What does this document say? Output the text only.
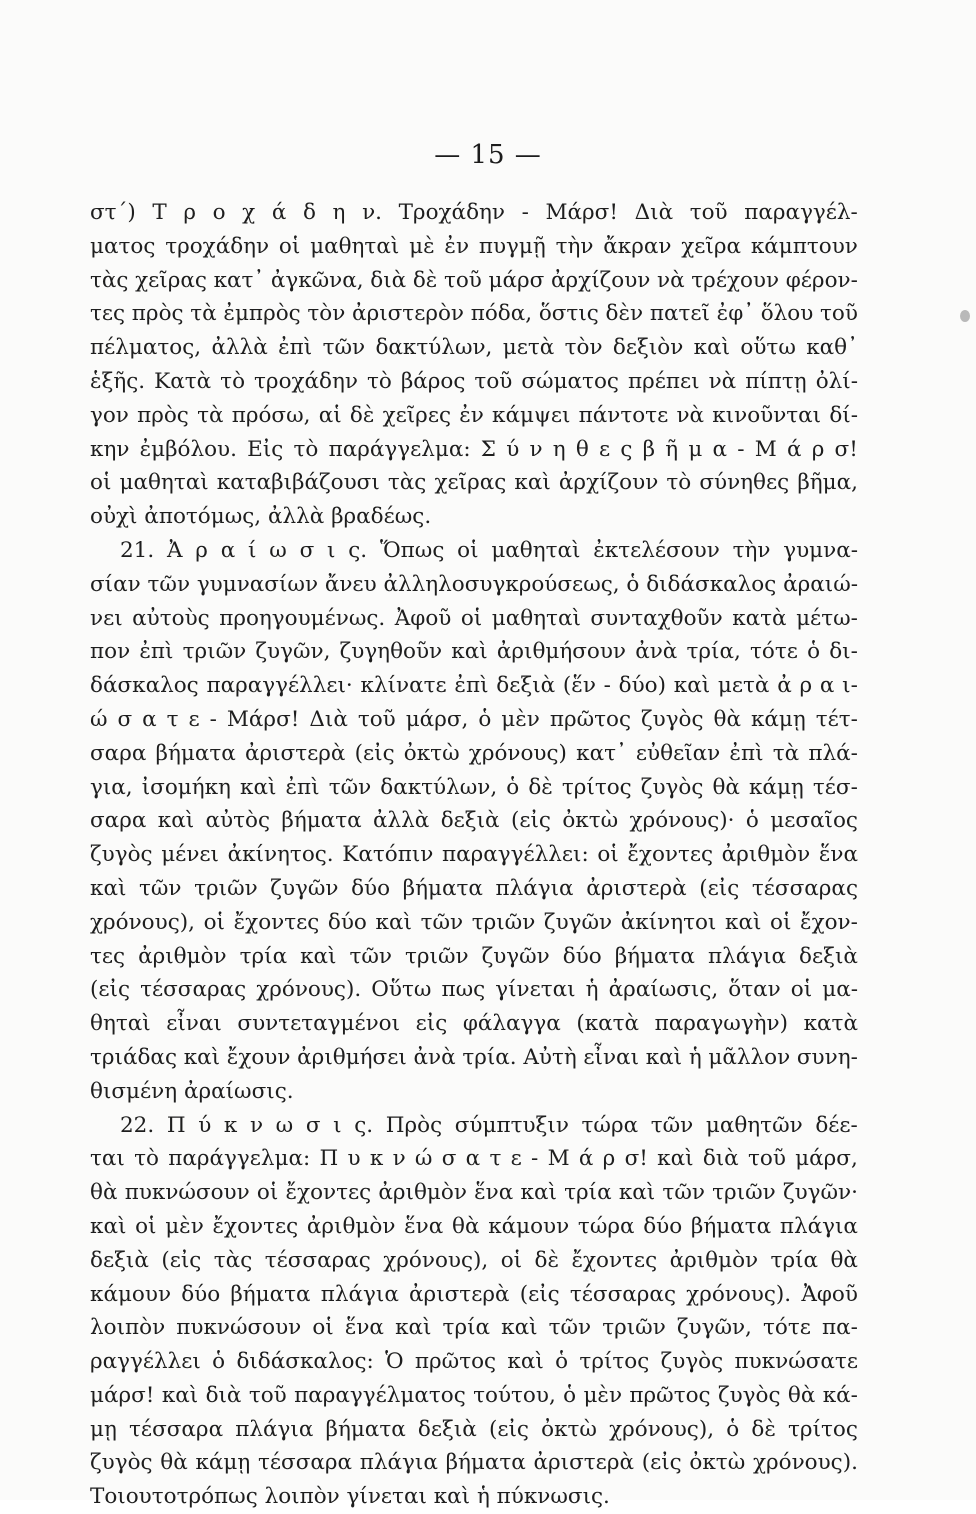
— 15 —
στ΄) Τ ρ ο χ ά δ η ν. Τροχάδην - Μάρσ! Διὰ τοῦ παραγγέλ-
ματος τροχάδην οἱ μαθηταὶ μὲ ἐν πυγμῇ τὴν ἄκραν χεῖρα κάμπτουν
τὰς χεῖρας κατ᾽ ἀγκῶνα, διὰ δὲ τοῦ μάρσ ἀρχίζουν νὰ τρέχουν φέρον-
τες πρὸς τὰ ἐμπρὸς τὸν ἀριστερὸν πόδα, ὅστις δὲν πατεῖ ἐφ᾽ ὅλου τοῦ
πέλματος, ἀλλὰ ἐπὶ τῶν δακτύλων, μετὰ τὸν δεξιὸν καὶ οὕτω καθ᾽
ἑξῆς. Κατὰ τὸ τροχάδην τὸ βάρος τοῦ σώματος πρέπει νὰ πίπτῃ ὀλί-
γον πρὸς τὰ πρόσω, αἱ δὲ χεῖρες ἐν κάμψει πάντοτε νὰ κινοῦνται δί-
κην ἐμβόλου. Εἰς τὸ παράγγελμα: Σ ύ ν η θ ε ς β ῆ μ α - Μ ά ρ σ!
οἱ μαθηταὶ καταβιβάζουσι τὰς χεῖρας καὶ ἀρχίζουν τὸ σύνηθες βῆμα,
οὐχὶ ἀποτόμως, ἀλλὰ βραδέως.
21. Ἀ ρ α ί ω σ ι ς. Ὅπως οἱ μαθηταὶ ἐκτελέσουν τὴν γυμνα-
σίαν τῶν γυμνασίων ἄνευ ἀλληλοσυγκρούσεως, ὁ διδάσκαλος ἀραιώ-
νει αὐτοὺς προηγουμένως. Ἀφοῦ οἱ μαθηταὶ συνταχθοῦν κατὰ μέτω-
πον ἐπὶ τριῶν ζυγῶν, ζυγηθοῦν καὶ ἀριθμήσουν ἀνὰ τρία, τότε ὁ δι-
δάσκαλος παραγγέλλει· κλίνατε ἐπὶ δεξιὰ (ἕν - δύο) καὶ μετὰ ἀ ρ α ι-
ώ σ α τ ε - Μάρσ! Διὰ τοῦ μάρσ, ὁ μὲν πρῶτος ζυγὸς θὰ κάμῃ τέτ-
σαρα βήματα ἀριστερὰ (εἰς ὀκτὼ χρόνους) κατ᾽ εὐθεῖαν ἐπὶ τὰ πλά-
για, ἰσομήκη καὶ ἐπὶ τῶν δακτύλων, ὁ δὲ τρίτος ζυγὸς θὰ κάμῃ τέσ-
σαρα καὶ αὐτὸς βήματα ἀλλὰ δεξιὰ (εἰς ὀκτὼ χρόνους)· ὁ μεσαῖος
ζυγὸς μένει ἀκίνητος. Κατόπιν παραγγέλλει: οἱ ἔχοντες ἀριθμὸν ἕνα
καὶ τῶν τριῶν ζυγῶν δύο βήματα πλάγια ἀριστερὰ (εἰς τέσσαρας
χρόνους), οἱ ἔχοντες δύο καὶ τῶν τριῶν ζυγῶν ἀκίνητοι καὶ οἱ ἔχον-
τες ἀριθμὸν τρία καὶ τῶν τριῶν ζυγῶν δύο βήματα πλάγια δεξιὰ
(εἰς τέσσαρας χρόνους). Οὕτω πως γίνεται ἡ ἀραίωσις, ὅταν οἱ μα-
θηταὶ εἶναι συντεταγμένοι εἰς φάλαγγα (κατὰ παραγωγὴν) κατὰ
τριάδας καὶ ἔχουν ἀριθμήσει ἀνὰ τρία. Αὐτὴ εἶναι καὶ ἡ μᾶλλον συνη-
θισμένη ἀραίωσις.
22. Π ύ κ ν ω σ ι ς. Πρὸς σύμπτυξιν τώρα τῶν μαθητῶν δέε-
ται τὸ παράγγελμα: Π υ κ ν ώ σ α τ ε - Μ ά ρ σ! καὶ διὰ τοῦ μάρσ,
θὰ πυκνώσουν οἱ ἔχοντες ἀριθμὸν ἕνα καὶ τρία καὶ τῶν τριῶν ζυγῶν·
καὶ οἱ μὲν ἔχοντες ἀριθμὸν ἕνα θὰ κάμουν τώρα δύο βήματα πλάγια
δεξιὰ (εἰς τὰς τέσσαρας χρόνους), οἱ δὲ ἔχοντες ἀριθμὸν τρία θὰ
κάμουν δύο βήματα πλάγια ἀριστερὰ (εἰς τέσσαρας χρόνους). Ἀφοῦ
λοιπὸν πυκνώσουν οἱ ἕνα καὶ τρία καὶ τῶν τριῶν ζυγῶν, τότε πα-
ραγγέλλει ὁ διδάσκαλος: Ὁ πρῶτος καὶ ὁ τρίτος ζυγὸς πυκνώσατε
μάρσ! καὶ διὰ τοῦ παραγγέλματος τούτου, ὁ μὲν πρῶτος ζυγὸς θὰ κά-
μῃ τέσσαρα πλάγια βήματα δεξιὰ (εἰς ὀκτὼ χρόνους), ὁ δὲ τρίτος
ζυγὸς θὰ κάμῃ τέσσαρα πλάγια βήματα ἀριστερὰ (εἰς ὀκτὼ χρόνους).
Τοιουτοτρόπως λοιπὸν γίνεται καὶ ἡ πύκνωσις.
